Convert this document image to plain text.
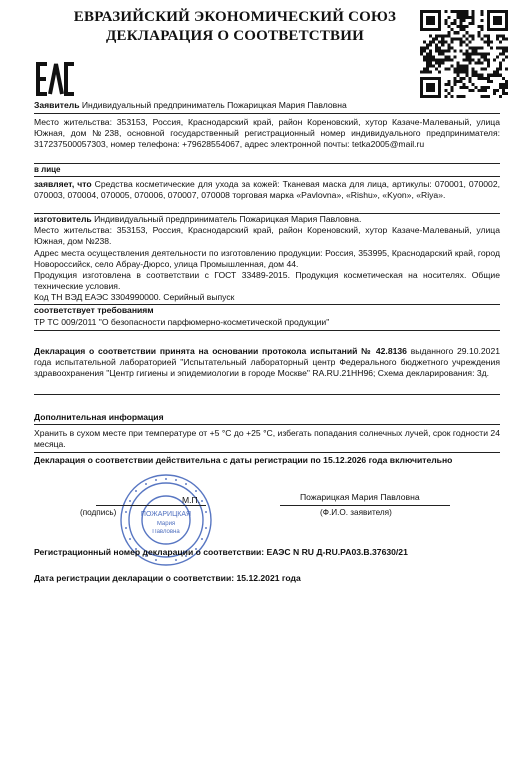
ЕВРАЗИЙСКИЙ ЭКОНОМИЧЕСКИЙ СОЮЗ
ДЕКЛАРАЦИЯ О СООТВЕТСТВИИ
Заявитель Индивидуальный предприниматель Пожарицкая Мария Павловна
Место жительства: 353153, Россия, Краснодарский край, район Кореновский, хутор Казаче-Малеваный, улица Южная, дом №238, основной государственный регистрационный номер индивидуального предпринимателя: 317237500057303, номер телефона: +79628554067, адрес электронной почты: tetka2005@mail.ru
в лице
заявляет, что Средства косметические для ухода за кожей: Тканевая маска для лица, артикулы: 070001, 070002, 070003, 070004, 070005, 070006, 070007, 070008 торговая марка «Pavlovna», «Rishu», «Kyon», «Riya».
изготовитель Индивидуальный предприниматель Пожарицкая Мария Павловна.
Место жительства: 353153, Россия, Краснодарский край, район Кореновский, хутор Казаче-Малеваный, улица Южная, дом №238.
Адрес места осуществления деятельности по изготовлению продукции: Россия, 353995, Краснодарский край, город Новороссийск, село Абрау-Дюрсо, улица Промышленная, дом 44.
Продукция изготовлена в соответствии с ГОСТ 33489-2015. Продукция косметическая на носителях. Общие технические условия.
Код ТН ВЭД ЕАЭС 3304990000. Серийный выпуск
соответствует требованиям
ТР ТС 009/2011 "О безопасности парфюмерно-косметической продукции"
Декларация о соответствии принята на основании протокола испытаний № 42.8136 выданного 29.10.2021 года испытательной лабораторией "Испытательный лабораторный центр Федерального бюджетного учреждения здравоохранения "Центр гигиены и эпидемиологии в городе Москве" RA.RU.21НН96; Схема декларирования: 3д.
Дополнительная информация
Хранить в сухом месте при температуре от +5 °С до +25 °С, избегать попадания солнечных лучей, срок годности 24 месяца.
Декларация о соответствии действительна с даты регистрации по 15.12.2026 года включительно
ПОЖАРИЦКАЯ
Мария
Павловна
М.П.	Пожарицкая Мария Павловна
(подпись)	(Ф.И.О. заявителя)
Регистрационный номер декларации о соответствии: ЕАЭС N RU Д-RU.PA03.B.37630/21
Дата регистрации декларации о соответствии: 15.12.2021 года
